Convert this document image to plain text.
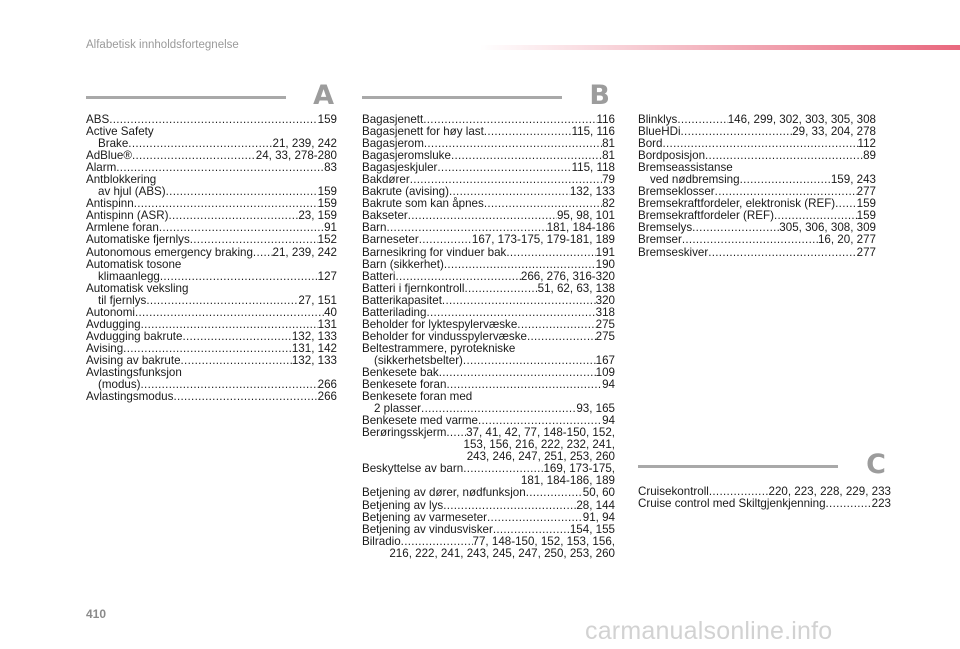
Alfabetisk innholdsfortegnelse
A	B
C
ABS .....	159
Active Safety
Brake .....	21, 239, 242
AdBlue® .....	24, 33, 278-280
Alarm .....	83
Antblokkering
av hjul (ABS) .....	159
Antispinn .....	159
Antispinn (ASR) .....	23, 159
Armlene foran .....	91
Automatiske fjernlys .....	152
Autonomous emergency braking ..... 21, 239, 242
Automatisk tosone
klimaanlegg .....	127
Automatisk veksling
til fjernlys .....	27, 151
Autonomi .....	40
Avdugging .....	131
Avdugging bakrute .....	132, 133
Avising .....	131, 142
Avising av bakrute .....	132, 133
Avlastingsfunksjon
(modus) .....	266
Avlastingsmodus .....	266
Bagasjenett .....	116
Bagasjenett for høy last .....	115, 116
Bagasjerom .....	81
Bagasjeromsluke .....	81
Bagasjeskjuler .....	115, 118
Bakdører .....	79
Bakrute (avising) .....	132, 133
Bakrute som kan åpnes .....	82
Bakseter .....	95, 98, 101
Barn .....	181, 184-186
Barneseter .....	167, 173-175, 179-181, 189
Barnesikring for vinduer bak .....	191
Barn (sikkerhet) .....	190
Batteri .....	266, 276, 316-320
Batteri i fjernkontroll .....	51, 62, 63, 138
Batterikapasitet .....	320
Batterilading .....	318
Beholder for lyktespylervæske .....	275
Beholder for vindusspylervæske .....	275
Beltestrammere, pyrotekniske
(sikkerhetsbelter) .....	167
Benkesete bak .....	109
Benkesete foran .....	94
Benkesete foran med
2 plasser .....	93, 165
Benkesete med varme .....	94
Berøringsskjerm ..... 37, 41, 42, 77, 148-150, 152,
153, 156, 216, 222, 232, 241,
243, 246, 247, 251, 253, 260
Beskyttelse av barn .....	169, 173-175,
181, 184-186, 189
Betjening av dører, nødfunksjon .....	50, 60
Betjening av lys .....	28, 144
Betjening av varmeseter .....	91, 94
Betjening av vindusvisker .....	154, 155
Bilradio .....	77, 148-150, 152, 153, 156,
216, 222, 241, 243, 245, 247, 250, 253, 260
Blinklys .....	146, 299, 302, 303, 305, 308
BlueHDi .....	29, 33, 204, 278
Bord .....	112
Bordposisjon .....	89
Bremseassistanse
ved nødbremsing .....	159, 243
Bremseklosser .....	277
Bremsekraftfordeler, elektronisk (REF) ..... 159
Bremsekraftfordeler (REF) .....	159
Bremselys .....	305, 306, 308, 309
Bremser .....	16, 20, 277
Bremseskiver .....	277
Cruisekontroll .....	220, 223, 228, 229, 233
Cruise control med Skiltgjenkjenning .....	223
410
carmanualsonline.info
